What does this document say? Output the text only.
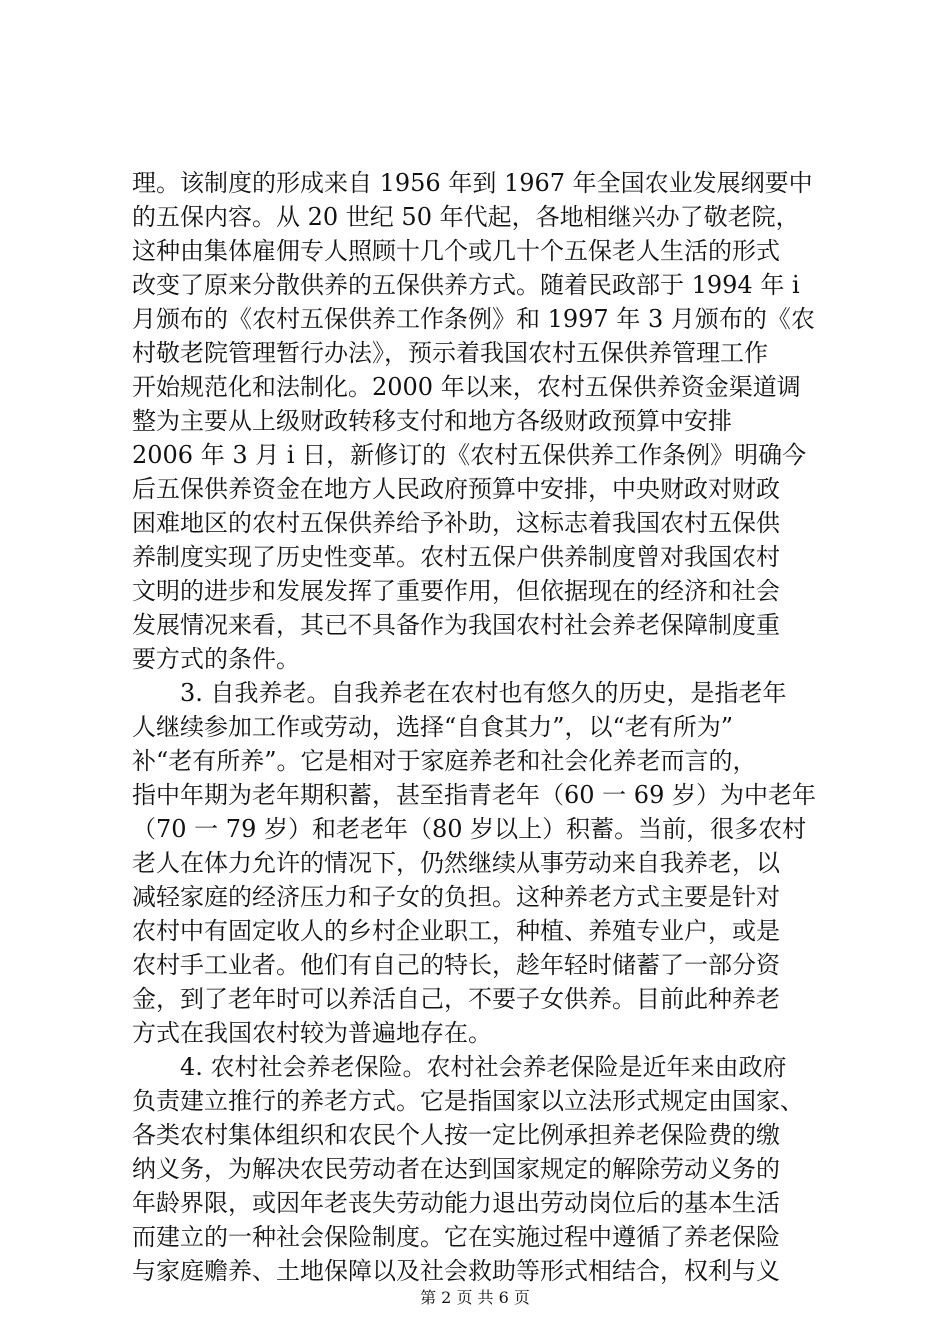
理。该制度的形成来自 1956 年到 1967 年全国农业发展纲要中
的五保内容。从 20 世纪 50 年代起，各地相继兴办了敬老院，
这种由集体雇佣专人照顾十几个或几十个五保老人生活的形式
改变了原来分散供养的五保供养方式。随着民政部于 1994 年 i
月颁布的《农村五保供养工作条例》和 1997 年 3 月颁布的《农
村敬老院管理暂行办法》，预示着我国农村五保供养管理工作
开始规范化和法制化。2000 年以来，农村五保供养资金渠道调
整为主要从上级财政转移支付和地方各级财政预算中安排
2006 年 3 月 i 日，新修订的《农村五保供养工作条例》明确今
后五保供养资金在地方人民政府预算中安排，中央财政对财政
困难地区的农村五保供养给予补助，这标志着我国农村五保供
养制度实现了历史性变革。农村五保户供养制度曾对我国农村
文明的进步和发展发挥了重要作用，但依据现在的经济和社会
发展情况来看，其已不具备作为我国农村社会养老保障制度重
要方式的条件。
　　3. 自我养老。自我养老在农村也有悠久的历史，是指老年
人继续参加工作或劳动，选择“自食其力”，以“老有所为”
补“老有所养”。它是相对于家庭养老和社会化养老而言的，
指中年期为老年期积蓄，甚至指青老年（60 一 69 岁）为中老年
（70 一 79 岁）和老老年（80 岁以上）积蓄。当前，很多农村
老人在体力允许的情况下，仍然继续从事劳动来自我养老，以
减轻家庭的经济压力和子女的负担。这种养老方式主要是针对
农村中有固定收人的乡村企业职工，种植、养殖专业户，或是
农村手工业者。他们有自己的特长，趁年轻时储蓄了一部分资
金，到了老年时可以养活自己，不要子女供养。目前此种养老
方式在我国农村较为普遍地存在。
　　4. 农村社会养老保险。农村社会养老保险是近年来由政府
负责建立推行的养老方式。它是指国家以立法形式规定由国家、
各类农村集体组织和农民个人按一定比例承担养老保险费的缴
纳义务，为解决农民劳动者在达到国家规定的解除劳动义务的
年龄界限，或因年老丧失劳动能力退出劳动岗位后的基本生活
而建立的一种社会保险制度。它在实施过程中遵循了养老保险
与家庭赡养、土地保障以及社会救助等形式相结合，权利与义
第 2 页 共 6 页
